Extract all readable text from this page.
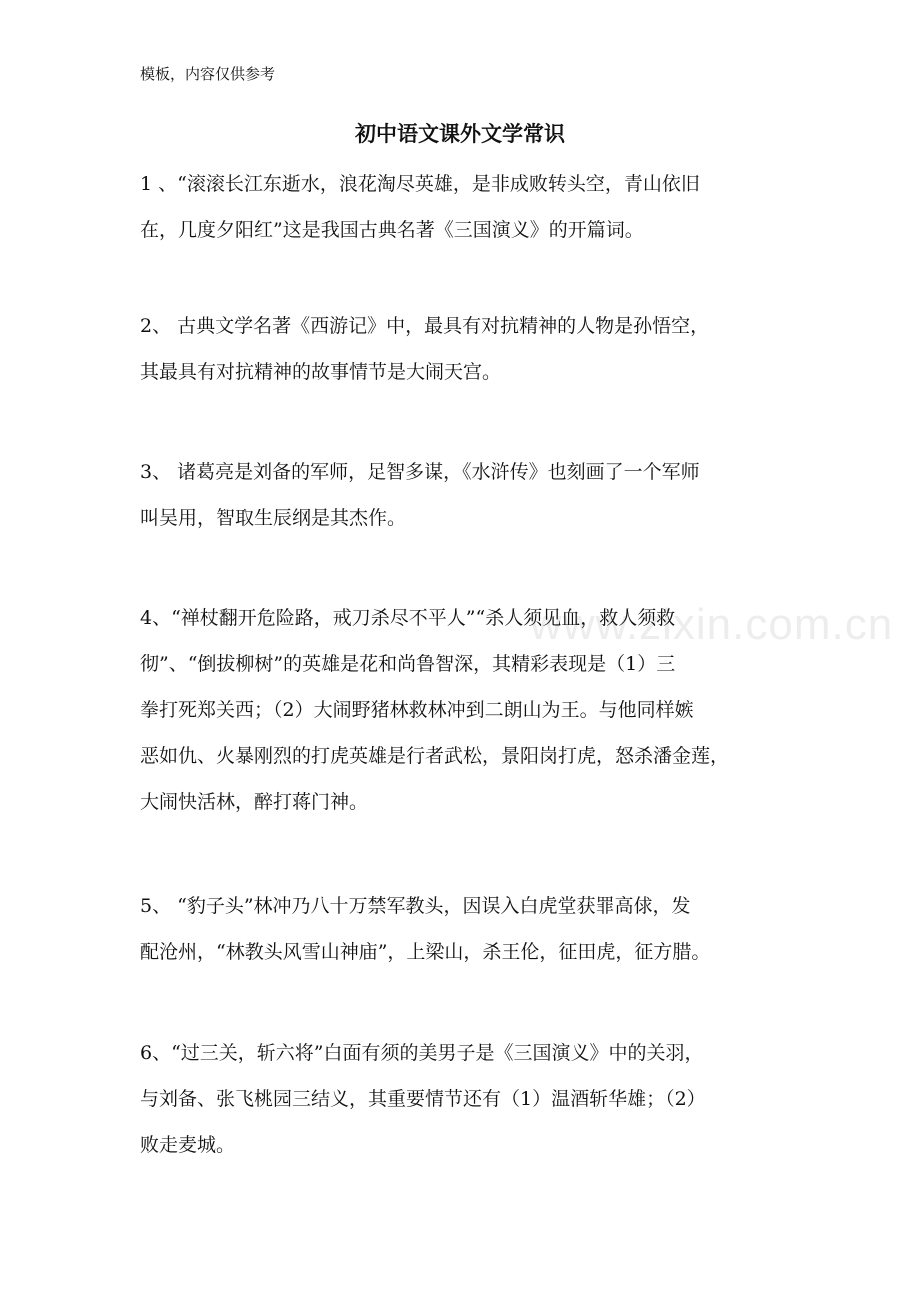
模板，内容仅供参考
初中语文课外文学常识
www.zixin.com.cn
1 、“滚滚长江东逝水，浪花淘尽英雄，是非成败转头空，青山依旧
在，几度夕阳红”这是我国古典名著《三国演义》的开篇词。
2、 古典文学名著《西游记》中，最具有对抗精神的人物是孙悟空，
其最具有对抗精神的故事情节是大闹天宫。
3、 诸葛亮是刘备的军师，足智多谋，《水浒传》也刻画了一个军师
叫吴用，智取生辰纲是其杰作。
4、“禅杖翻开危险路，戒刀杀尽不平人”“杀人须见血，救人须救
彻”、“倒拔柳树”的英雄是花和尚鲁智深，其精彩表现是（1）三
拳打死郑关西；（2）大闹野猪林救林冲到二朗山为王。与他同样嫉
恶如仇、火暴刚烈的打虎英雄是行者武松，景阳岗打虎，怒杀潘金莲，
大闹快活林，醉打蒋门神。
5、 “豹子头”林冲乃八十万禁军教头，因误入白虎堂获罪高俅，发
配沧州，“林教头风雪山神庙”，上梁山，杀王伦，征田虎，征方腊。
6、“过三关，斩六将”白面有须的美男子是《三国演义》中的关羽，
与刘备、张飞桃园三结义，其重要情节还有（1）温酒斩华雄；（2）
败走麦城。
